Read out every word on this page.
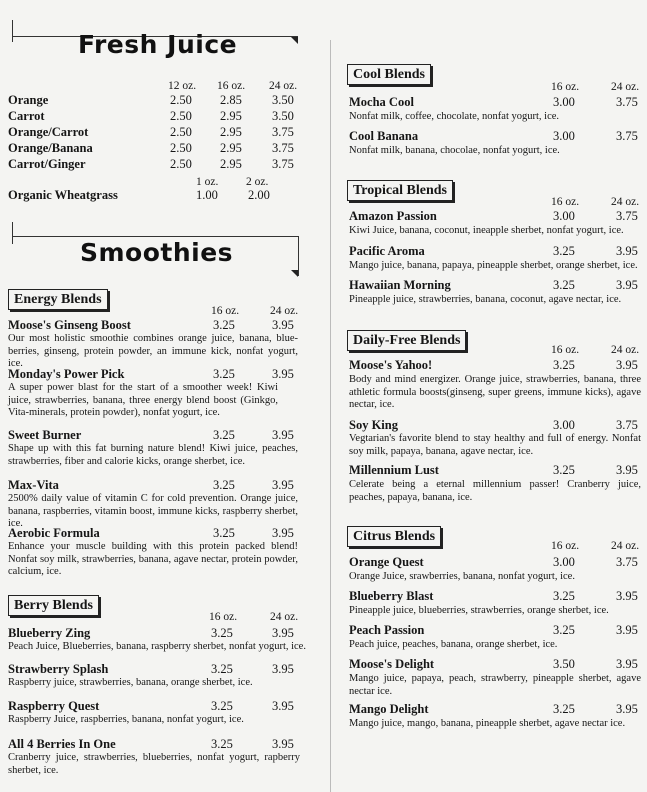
Fresh Juice
12 oz. 16 oz. 24 oz.
Orange	2.50 2.85 3.50
Carrot	2.50 2.95 3.50
Orange/Carrot	2.50 2.95 3.75
Orange/Banana	2.50 2.95 3.75
Carrot/Ginger	2.50 2.95 3.75
1 oz. 2 oz.
Organic Wheatgrass	1.00 2.00
Smoothies
Energy Blends
16 oz.	24 oz.
Moose's Ginseng Boost	3.25	3.95
Our most holistic smoothie combines orange juice, banana, blue-berries, ginseng, protein powder, an immune kick, nonfat yogurt, ice.
Monday's Power Pick	3.25	3.95
A super power blast for the start of a smoother week! Kiwi juice, strawberries, banana, three energy blend boost (Ginkgo, Vita-minerals, protein powder), nonfat yogurt, ice.
Sweet Burner	3.25	3.95
Shape up with this fat burning nature blend! Kiwi juice, peaches, strawberries, fiber and calorie kicks, orange sherbet, ice.
Max-Vita	3.25	3.95
2500% daily value of vitamin C for cold prevention. Orange juice, banana, raspberries, vitamin boost, immune kicks, raspberry sherbet, ice.
Aerobic Formula	3.25	3.95
Enhance your muscle building with this protein packed blend! Nonfat soy milk, strawberries, banana, agave nectar, protein powder, calcium, ice.
Berry Blends
16 oz.	24 oz.
Blueberry Zing	3.25	3.95
Peach Juice, Blueberries, banana, raspberry sherbet, nonfat yogurt, ice.
Strawberry Splash	3.25	3.95
Raspberry juice, strawberries, banana, orange sherbet, ice.
Raspberry Quest	3.25	3.95
Raspberry Juice, raspberries, banana, nonfat yogurt, ice.
All 4 Berries In One	3.25	3.95
Cranberry juice, strawberries, blueberries, nonfat yogurt, rapberry sherbet, ice.
Cool Blends
16 oz.	24 oz.
Mocha Cool	3.00	3.75
Nonfat milk, coffee, chocolate, nonfat yogurt, ice.
Cool Banana	3.00	3.75
Nonfat milk, banana, chocolae, nonfat yogurt, ice.
Tropical Blends
16 oz.	24 oz.
Amazon Passion	3.00	3.75
Kiwi Juice, banana, coconut, ineapple sherbet, nonfat yogurt, ice.
Pacific Aroma	3.25	3.95
Mango juice, banana, papaya, pineapple sherbet, orange sherbet, ice.
Hawaiian Morning	3.25	3.95
Pineapple juice, strawberries, banana, coconut, agave nectar, ice.
Daily-Free Blends
16 oz.	24 oz.
Moose's Yahoo!	3.25	3.95
Body and mind energizer. Orange juice, strawberries, banana, three athletic formula boosts(ginseng, super greens, immune kicks), agave nectar, ice.
Soy King	3.00	3.75
Vegtarian's favorite blend to stay healthy and full of energy. Nonfat soy milk, papaya, banana, agave nectar, ice.
Millennium Lust	3.25	3.95
Celerate being a eternal millennium passer! Cranberry juice, peaches, papaya, banana, ice.
Citrus Blends
16 oz.	24 oz.
Orange Quest	3.00	3.75
Orange Juice, srawberries, banana, nonfat yogurt, ice.
Blueberry Blast	3.25	3.95
Pineapple juice, blueberries, strawberries, orange sherbet, ice.
Peach Passion	3.25	3.95
Peach juice, peaches, banana, orange sherbet, ice.
Moose's Delight	3.50	3.95
Mango juice, papaya, peach, strawberry, pineapple sherbet, agave nectar ice.
Mango Delight	3.25	3.95
Mango juice, mango, banana, pineapple sherbet, agave nectar ice.
